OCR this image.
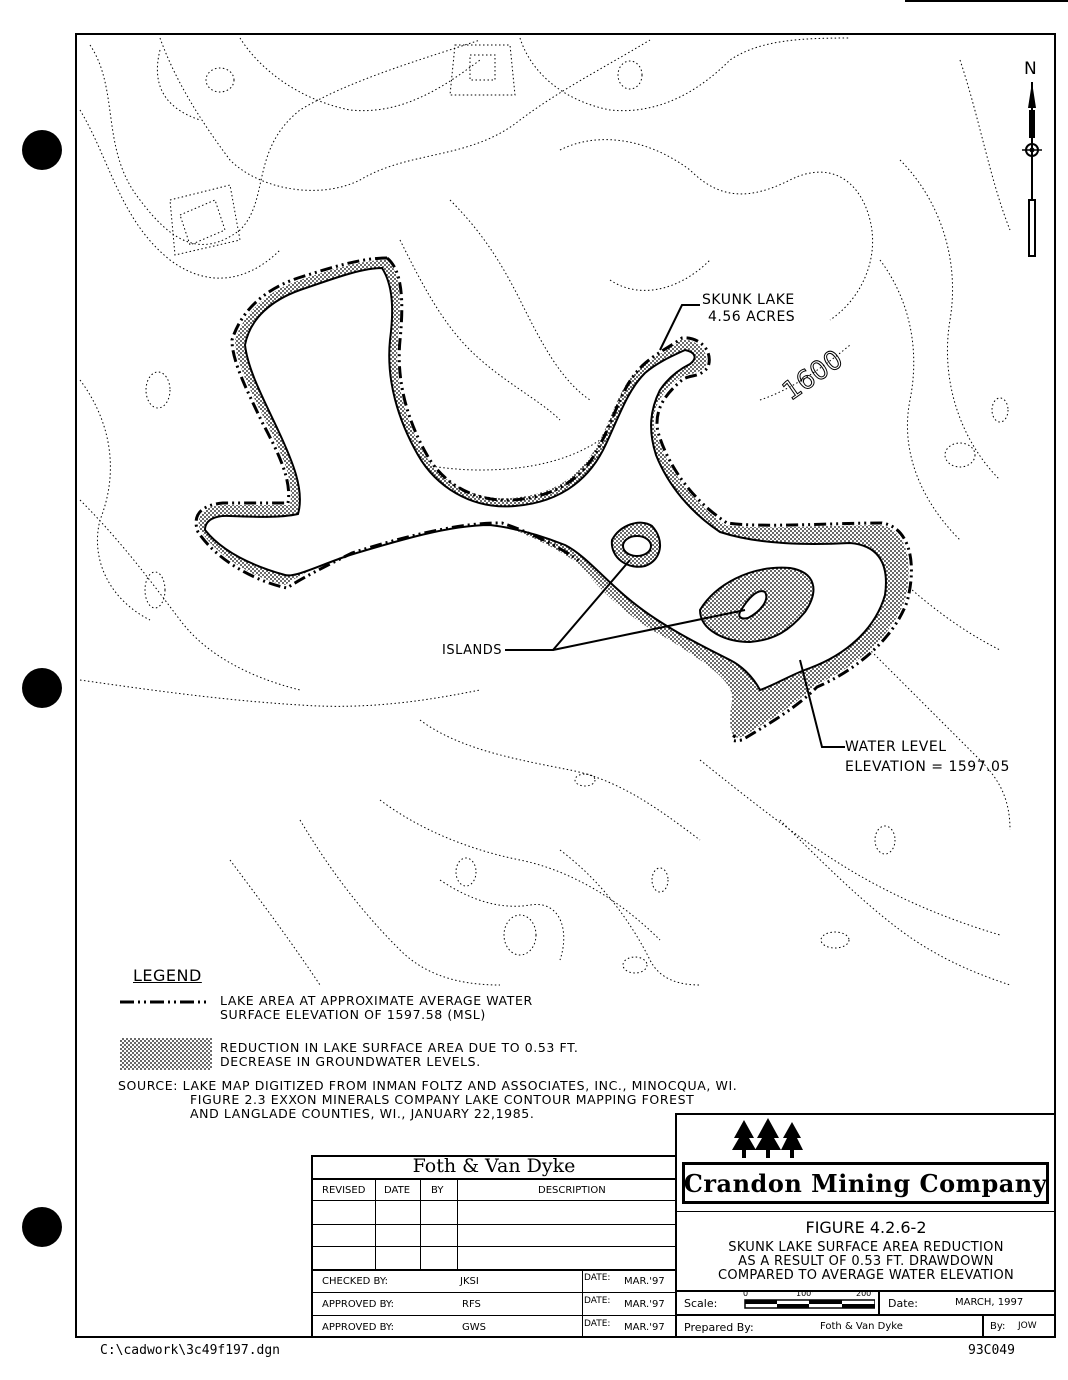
1600
N
SKUNK LAKE
4.56 ACRES
ISLANDS
WATER LEVEL
ELEVATION = 1597.05
LEGEND
LAKE AREA AT APPROXIMATE AVERAGE WATER
SURFACE ELEVATION OF 1597.58 (MSL)
REDUCTION IN LAKE SURFACE AREA DUE TO 0.53 FT.
DECREASE IN GROUNDWATER LEVELS.
SOURCE: LAKE MAP DIGITIZED FROM INMAN FOLTZ AND ASSOCIATES, INC., MINOCQUA, WI.
FIGURE 2.3 EXXON MINERALS COMPANY LAKE CONTOUR MAPPING FOREST
AND LANGLADE COUNTIES, WI., JANUARY 22,1985.
Foth & Van Dyke
REVISED DATE BY	DESCRIPTION
CHECKED BY:	JKSI	DATE: MAR.'97
APPROVED BY:	RFS	DATE: MAR.'97
APPROVED BY:	GWS	DATE: MAR.'97
Crandon Mining Company
FIGURE 4.2.6-2
SKUNK LAKE SURFACE AREA REDUCTION
AS A RESULT OF 0.53 FT. DRAWDOWN
COMPARED TO AVERAGE WATER ELEVATION
Scale:
0	100'	200'
Date:	MARCH, 1997
Prepared By:	Foth & Van Dyke	By: JOW
C:\cadwork\3c49f197.dgn	93C049
